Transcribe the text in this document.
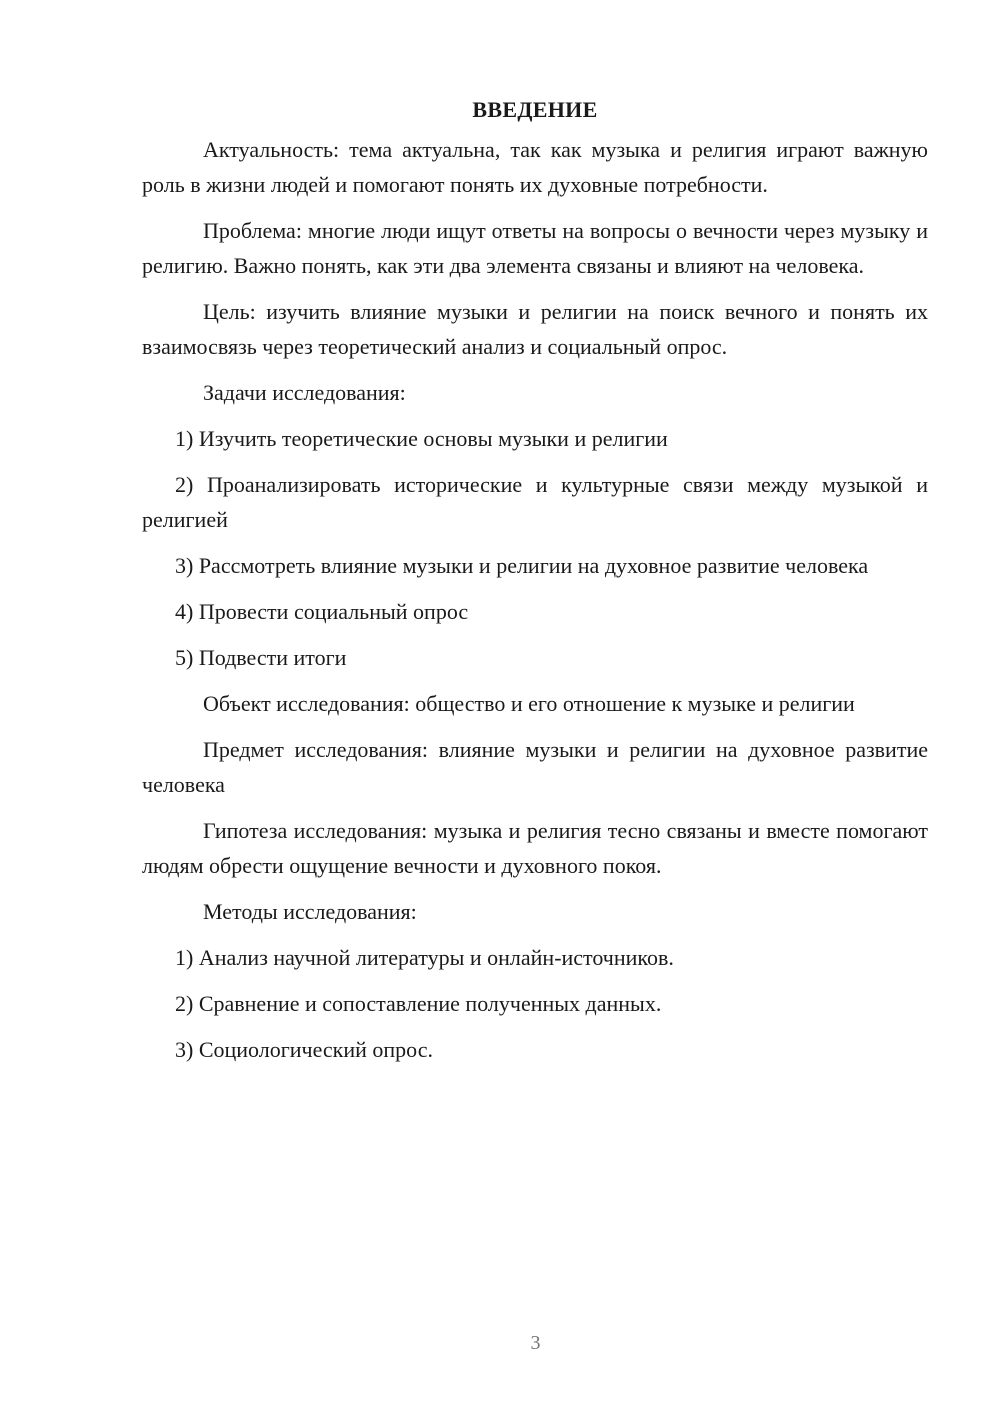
ВВЕДЕНИЕ

Актуальность: тема актуальна, так как музыка и религия играют важную роль в жизни людей и помогают понять их духовные потребности.

Проблема: многие люди ищут ответы на вопросы о вечности через музыку и религию. Важно понять, как эти два элемента связаны и влияют на человека.

Цель: изучить влияние музыки и религии на поиск вечного и понять их взаимосвязь через теоретический анализ и социальный опрос.

Задачи исследования:

1) Изучить теоретические основы музыки и религии

2) Проанализировать исторические и культурные связи между музыкой и религией

3) Рассмотреть влияние музыки и религии на духовное развитие человека

4) Провести социальный опрос

5) Подвести итоги

Объект исследования: общество и его отношение к музыке и религии

Предмет исследования: влияние музыки и религии на духовное развитие человека

Гипотеза исследования: музыка и религия тесно связаны и вместе помогают людям обрести ощущение вечности и духовного покоя.

Методы исследования:

1) Анализ научной литературы и онлайн-источников.

2) Сравнение и сопоставление полученных данных.

3) Социологический опрос.

3
